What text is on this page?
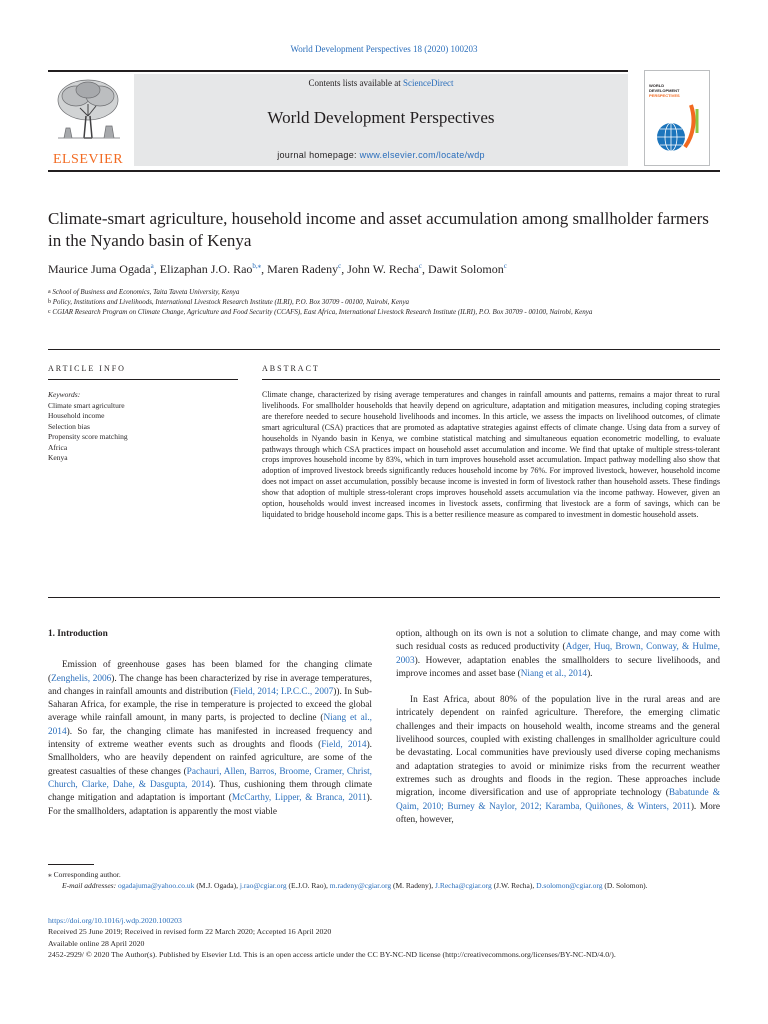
World Development Perspectives 18 (2020) 100203
ELSEVIER
Contents lists available at ScienceDirect
World Development Perspectives
journal homepage: www.elsevier.com/locate/wdp
WORLD
DEVELOPMENT
PERSPECTIVES
Climate-smart agriculture, household income and asset accumulation among smallholder farmers in the Nyando basin of Kenya
Maurice Juma Ogada$^a$, Elizaphan J.O. Rao$^{b,⁎}$, Maren Radeny$^c$, John W. Recha$^c$, Dawit Solomon$^c$
a School of Business and Economics, Taita Taveta University, Kenya
b Policy, Institutions and Livelihoods, International Livestock Research Institute (ILRI), P.O. Box 30709 - 00100, Nairobi, Kenya
c CGIAR Research Program on Climate Change, Agriculture and Food Security (CCAFS), East Africa, International Livestock Research Institute (ILRI), P.O. Box 30709 - 00100, Nairobi, Kenya
ARTICLE INFO	ABSTRACT
Keywords:
Climate smart agriculture
Household income
Selection bias
Propensity score matching
Africa
Kenya
Climate change, characterized by rising average temperatures and changes in rainfall amounts and patterns, remains a major threat to rural livelihoods. For smallholder households that heavily depend on agriculture, adaptation and mitigation measures, including coping strategies are therefore needed to secure household livelihoods and incomes. In this article, we assess the impacts on livelihood outcomes, of climate smart agricultural (CSA) practices that are promoted as adaptative strategies against effects of climate change. Using data from a survey of households in Nyando basin in Kenya, we combine statistical matching and simultaneous equation econometric modelling, to evaluate pathways through which CSA practices impact on household asset accumulation and income. We find that uptake of multiple stress-tolerant crops improves household income by 83%, which in turn improves household asset accumulation. Impact pathway modelling also show that adoption of improved livestock breeds significantly reduces household income by 76%. For improved livestock, however, household income does not impact on asset accumulation, possibly because income is invested in form of livestock rather than household assets. These findings show that adoption of multiple stress-tolerant crops improves household assets accumulation via the income pathway. However, given an option, households would invest increased incomes in livestock assets, confirming that livestock are a form of savings, which can be liquidated to bridge household income gaps. This is a better resilience measure as compared to investment in domestic household assets.
1. Introduction

Emission of greenhouse gases has been blamed for the changing climate (Zenghelis, 2006). The change has been characterized by rise in average temperatures, and changes in rainfall amounts and distribution (Field, 2014; I.P.C.C., 2007)). In Sub-Saharan Africa, for example, the rise in temperature is projected to exceed the global average while rainfall amount, in many parts, is projected to decline (Niang et al., 2014). So far, the changing climate has manifested in increased frequency and intensity of extreme weather events such as droughts and floods (Field, 2014). Smallholders, who are heavily dependent on rainfed agriculture, are some of the greatest casualties of these changes (Pachauri, Allen, Barros, Broome, Cramer, Christ, Church, Clarke, Dahe, & Dasgupta, 2014). Thus, cushioning them through climate change mitigation and adaptation is important (McCarthy, Lipper, & Branca, 2011). For the smallholders, adaptation is apparently the most viable

option, although on its own is not a solution to climate change, and may come with such residual costs as reduced productivity (Adger, Huq, Brown, Conway, & Hulme, 2003). However, adaptation enables the smallholders to secure livelihoods, and improve incomes and asset base (Niang et al., 2014).

In East Africa, about 80% of the population live in the rural areas and are intricately dependent on rainfed agriculture. Therefore, the emerging climatic challenges and their impacts on household wealth, income streams and the general livelihood sources, coupled with existing challenges in smallholder agriculture could be devastating. Local communities have previously used diverse coping mechanisms and adaptation strategies to avoid or minimize risks from the recurrent weather extremes such as droughts and floods in the region. These approaches include migration, income diversification and use of appropriate technology (Babatunde & Qaim, 2010; Burney & Naylor, 2012; Karamba, Quiñones, & Winters, 2011). More often, however,

⁎ Corresponding author.
E-mail addresses: ogadajuma@yahoo.co.uk (M.J. Ogada), j.rao@cgiar.org (E.J.O. Rao), m.radeny@cgiar.org (M. Radeny), J.Recha@cgiar.org (J.W. Recha), D.solomon@cgiar.org (D. Solomon).
https://doi.org/10.1016/j.wdp.2020.100203
Received 25 June 2019; Received in revised form 22 March 2020; Accepted 16 April 2020
Available online 28 April 2020
2452-2929/ © 2020 The Author(s). Published by Elsevier Ltd. This is an open access article under the CC BY-NC-ND license (http://creativecommons.org/licenses/BY-NC-ND/4.0/).
